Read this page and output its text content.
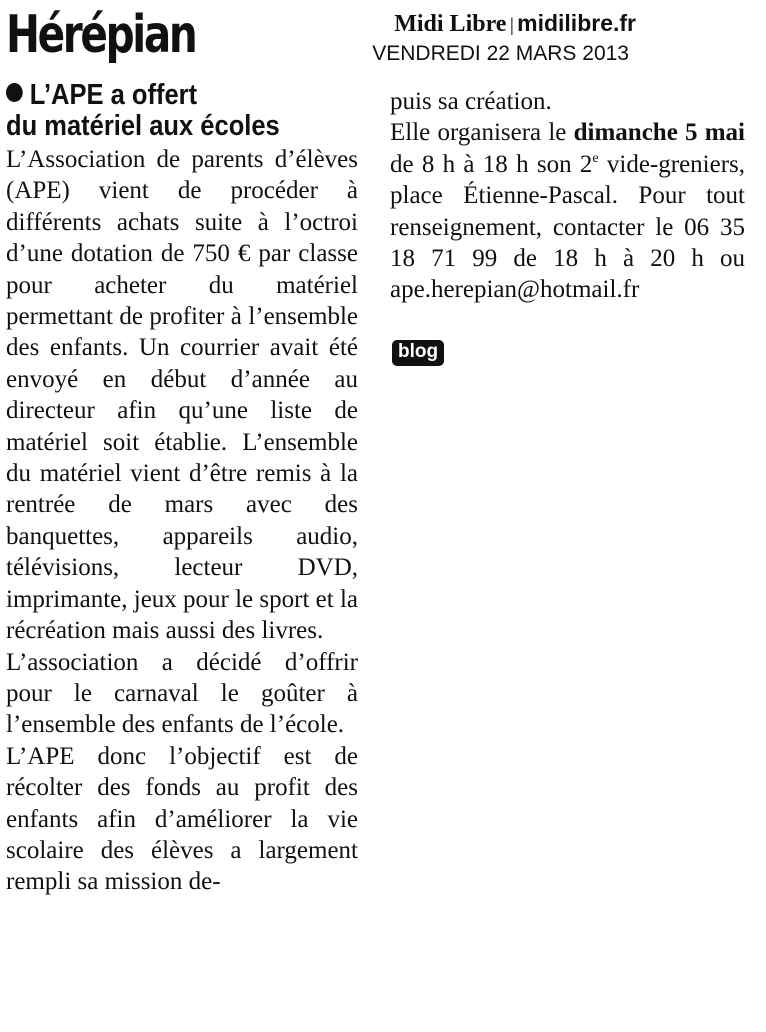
Hérépian	Midi Libre | midilibre.fr
VENDREDI 22 MARS 2013
L’APE a offert
du matériel aux écoles

L’Association de parents d’élèves (APE) vient de procéder à différents achats suite à l’octroi d’une dotation de 750 € par classe pour acheter du matériel permettant de profiter à l’ensemble des enfants. Un courrier avait été envoyé en début d’année au directeur afin qu’une liste de matériel soit établie. L’ensemble du matériel vient d’être remis à la rentrée de mars avec des banquettes, appareils audio, télévisions, lecteur DVD, imprimante, jeux pour le sport et la récréation mais aussi des livres.

L’association a décidé d’offrir pour le carnaval le goûter à l’ensemble des enfants de l’école.

L’APE donc l’objectif est de récolter des fonds au profit des enfants afin d’améliorer la vie scolaire des élèves a largement rempli sa mission de-

puis sa création.

Elle organisera le dimanche 5 mai de 8 h à 18 h son 2e vide-greniers, place Étienne-Pascal. Pour tout renseignement, contacter le 06 35 18 71 99 de 18 h à 20 h ou ape.herepian@hotmail.fr

blog
